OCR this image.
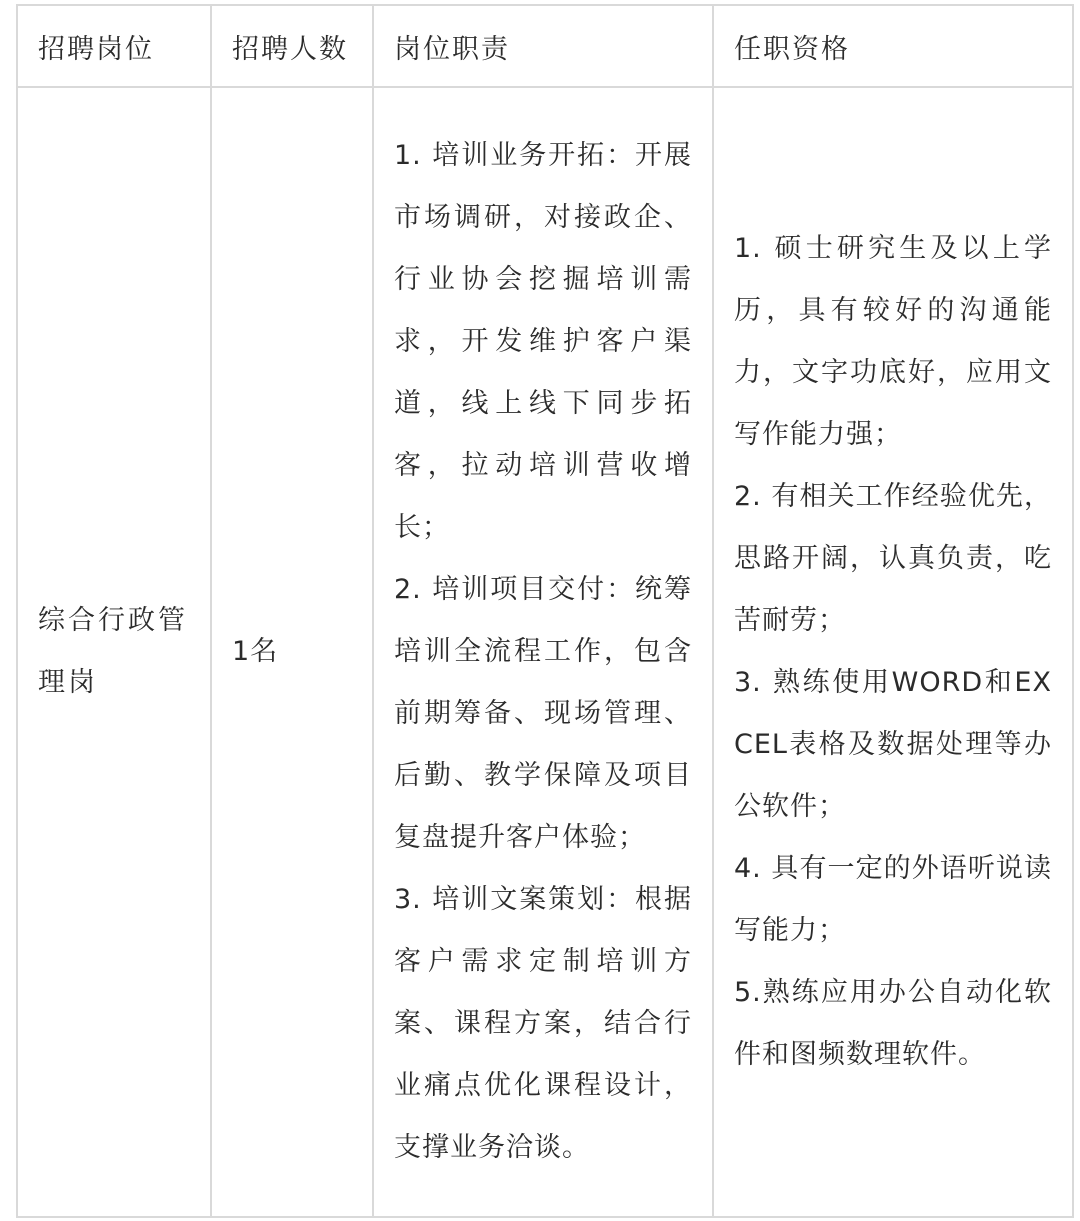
招聘岗位	招聘人数	岗位职责	任职资格

综合行政管理岗	1名	1. 培训业务开拓：开展市场调研，对接政企、行业协会挖掘培训需求，开发维护客户渠道，线上线下同步拓客，拉动培训营收增长；
2. 培训项目交付：统筹培训全流程工作，包含前期筹备、现场管理、后勤、教学保障及项目复盘提升客户体验；
3. 培训文案策划：根据客户需求定制培训方案、课程方案，结合行业痛点优化课程设计，支撑业务洽谈。	1. 硕士研究生及以上学历，具有较好的沟通能力，文字功底好，应用文写作能力强；
2. 有相关工作经验优先，思路开阔，认真负责，吃苦耐劳；
3. 熟练使用WORD和EXCEL表格及数据处理等办公软件；
4. 具有一定的外语听说读写能力；
5.熟练应用办公自动化软件和图频数理软件。
